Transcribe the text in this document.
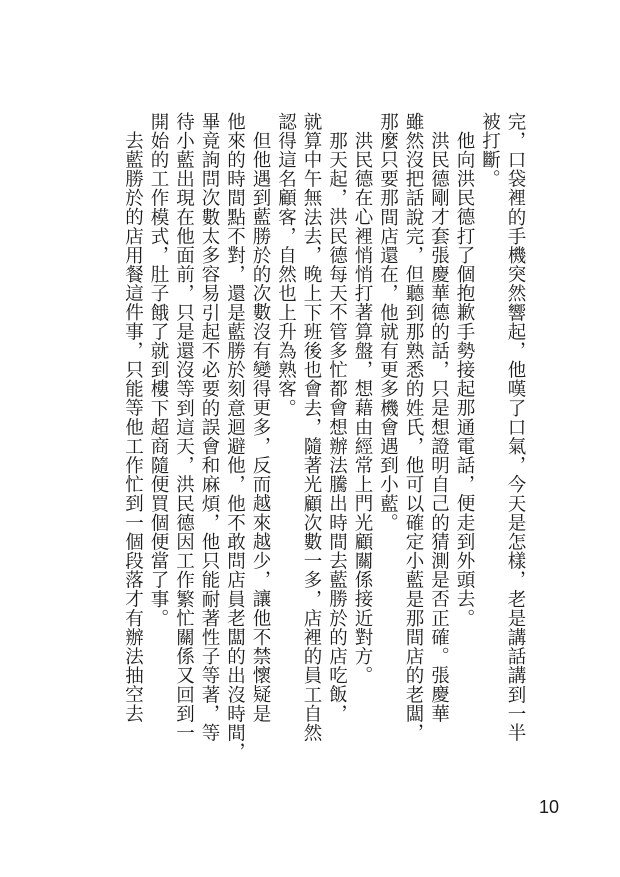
完，口袋裡的手機突然響起，他嘆了口氣，今天是怎樣，老是講話講到一半
被打斷。
他向洪民德打了個抱歉手勢接起那通電話，便走到外頭去。
洪民德剛才套張慶華德的話，只是想證明自己的猜測是否正確。張慶華
雖然沒把話說完，但聽到那熟悉的姓氏，他可以確定小藍是那間店的老闆，
那麼只要那間店還在，他就有更多機會遇到小藍。
洪民德在心裡悄悄打著算盤，想藉由經常上門光顧關係接近對方。
那天起，洪民德每天不管多忙都會想辦法騰出時間去藍勝於的店吃飯，
就算中午無法去，晚上下班後也會去，隨著光顧次數一多，店裡的員工自然
認得這名顧客，自然也上升為熟客。
但他遇到藍勝於的次數沒有變得更多，反而越來越少，讓他不禁懷疑是
他來的時間點不對，還是藍勝於刻意迴避他，他不敢問店員老闆的出沒時間，
畢竟詢問次數太多容易引起不必要的誤會和麻煩，他只能耐著性子等著，等
待小藍出現在他面前，只是還沒等到這天，洪民德因工作繁忙關係又回到一
開始的工作模式，肚子餓了就到樓下超商隨便買個便當了事。
去藍勝於的店用餐這件事，只能等他工作忙到一個段落才有辦法抽空去
10
